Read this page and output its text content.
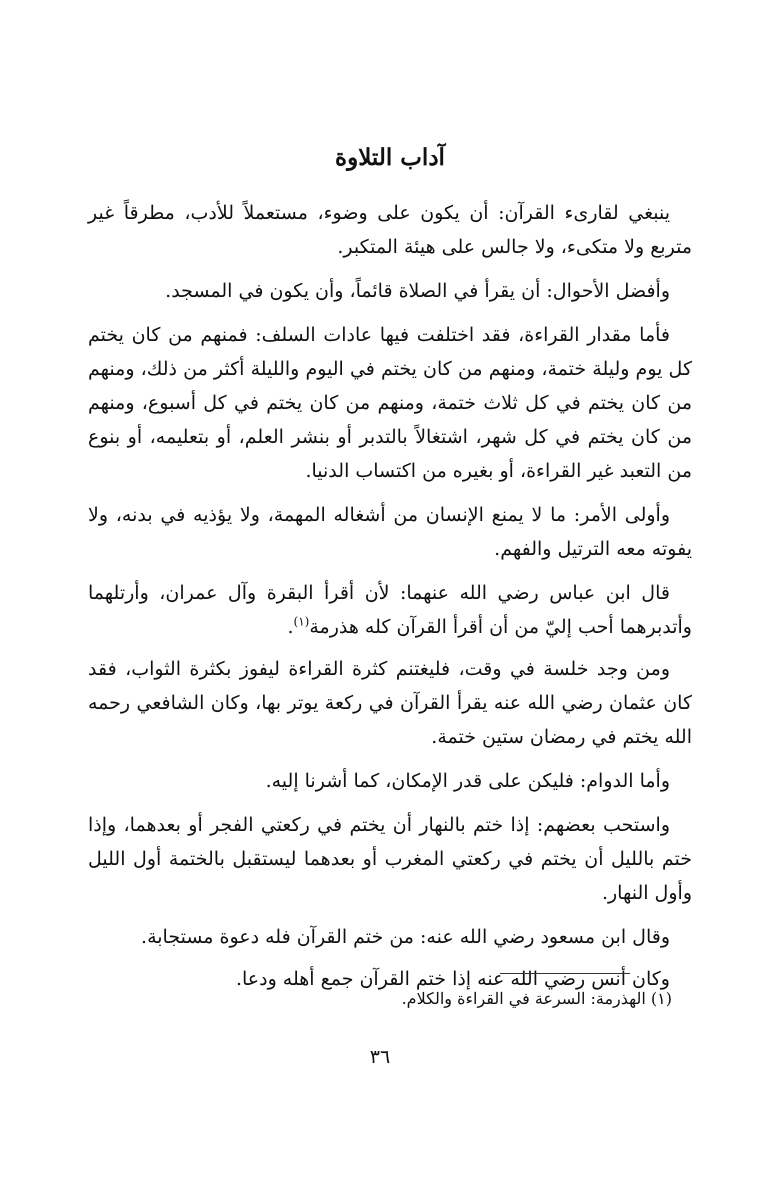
آداب التلاوة

ينبغي لقارىء القرآن: أن يكون على وضوء، مستعملاً للأدب، مطرقاً غير متربع ولا متكىء، ولا جالس على هيئة المتكبر.

وأفضل الأحوال: أن يقرأ في الصلاة قائماً، وأن يكون في المسجد.

فأما مقدار القراءة، فقد اختلفت فيها عادات السلف: فمنهم من كان يختم كل يوم وليلة ختمة، ومنهم من كان يختم في اليوم والليلة أكثر من ذلك، ومنهم من كان يختم في كل ثلاث ختمة، ومنهم من كان يختم في كل أسبوع، ومنهم من كان يختم في كل شهر، اشتغالاً بالتدبر أو بنشر العلم، أو بتعليمه، أو بنوع من التعبد غير القراءة، أو بغيره من اكتساب الدنيا.

وأولى الأمر: ما لا يمنع الإنسان من أشغاله المهمة، ولا يؤذيه في بدنه، ولا يفوته معه الترتيل والفهم.

قال ابن عباس رضي الله عنهما: لأن أقرأ البقرة وآل عمران، وأرتلهما وأتدبرهما أحب إليّ من أن أقرأ القرآن كله هذرمة$^{(١)}$.

ومن وجد خلسة في وقت، فليغتنم كثرة القراءة ليفوز بكثرة الثواب، فقد كان عثمان رضي الله عنه يقرأ القرآن في ركعة يوتر بها، وكان الشافعي رحمه الله يختم في رمضان ستين ختمة.

وأما الدوام: فليكن على قدر الإمكان، كما أشرنا إليه.

واستحب بعضهم: إذا ختم بالنهار أن يختم في ركعتي الفجر أو بعدهما، وإذا ختم بالليل أن يختم في ركعتي المغرب أو بعدهما ليستقبل بالختمة أول الليل وأول النهار.

وقال ابن مسعود رضي الله عنه: من ختم القرآن فله دعوة مستجابة.

وكان أنس رضي الله عنه إذا ختم القرآن جمع أهله ودعا.

(١) الهذرمة: السرعة في القراءة والكلام.
٣٦
